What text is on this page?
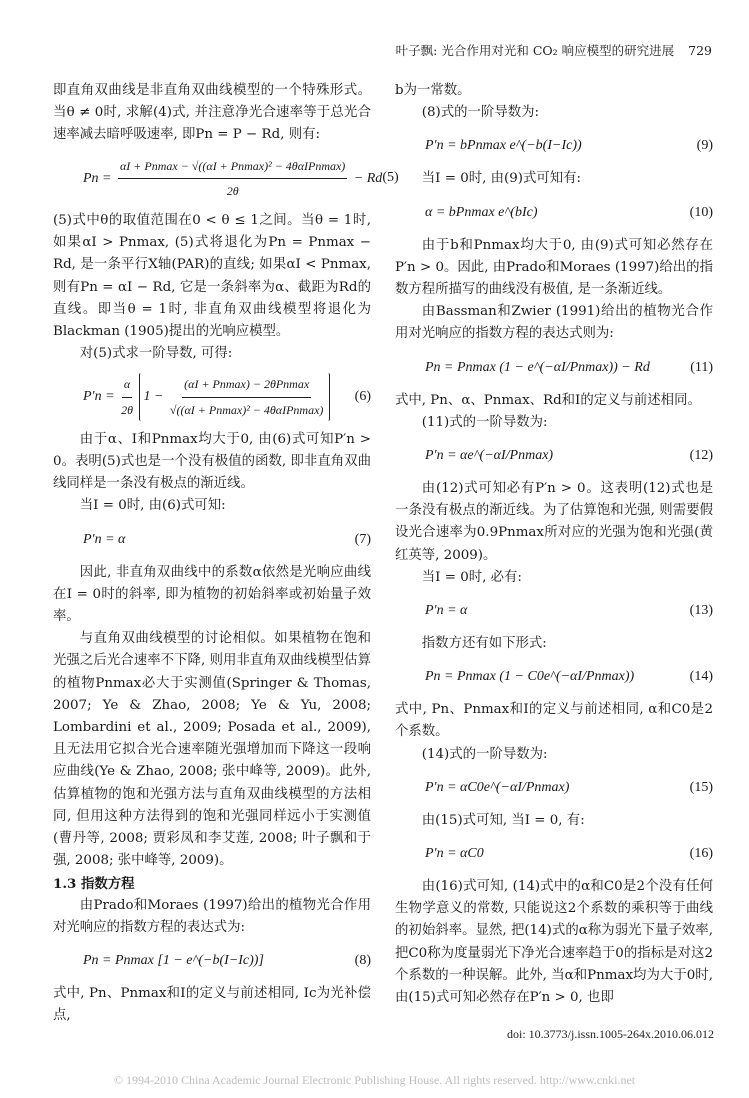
叶子飘: 光合作用对光和 CO₂ 响应模型的研究进展 729

即直角双曲线是非直角双曲线模型的一个特殊形式。当θ ≠ 0时, 求解(4)式, 并注意净光合速率等于总光合速率减去暗呼吸速率, 即Pn = P − Rd, 则有:

$Pn = \frac{\text{αI + Pnmax − √((αI + Pnmax)² − 4θαIPnmax)}}{2\theta} - Rd$ (5)

(5)式中θ的取值范围在0 < θ ≤ 1之间。当θ = 1时, 如果αI > Pnmax, (5)式将退化为Pn = Pnmax − Rd, 是一条平行X轴(PAR)的直线; 如果αI < Pnmax, 则有Pn = αI − Rd, 它是一条斜率为α、截距为Rd的直线。即当θ = 1时, 非直角双曲线模型将退化为Blackman (1905)提出的光响应模型。

对(5)式求一阶导数, 可得:

$P'n = \frac{\alpha}{2\theta} 1 - \frac{\text{(αI + Pnmax) − 2θPnmax}}{\text{√((αI + Pnmax)² − 4θαIPnmax)}} (6)$

由于α、I和Pnmax均大于0, 由(6)式可知P′n > 0。表明(5)式也是一个没有极值的函数, 即非直角双曲线同样是一条没有极点的渐近线。

当I = 0时, 由(6)式可知:

P′n = α	(7)

因此, 非直角双曲线中的系数α依然是光响应曲线在I = 0时的斜率, 即为植物的初始斜率或初始量子效率。

与直角双曲线模型的讨论相似。如果植物在饱和光强之后光合速率不下降, 则用非直角双曲线模型估算的植物Pnmax必大于实测值(Springer & Thomas, 2007; Ye & Zhao, 2008; Ye & Yu, 2008; Lombardini et al., 2009; Posada et al., 2009), 且无法用它拟合光合速率随光强增加而下降这一段响应曲线(Ye & Zhao, 2008; 张中峰等, 2009)。此外, 估算植物的饱和光强方法与直角双曲线模型的方法相同, 但用这种方法得到的饱和光强同样远小于实测值(曹丹等, 2008; 贾彩凤和李艾莲, 2008; 叶子飘和于强, 2008; 张中峰等, 2009)。

1.3 指数方程

由Prado和Moraes (1997)给出的植物光合作用对光响应的指数方程的表达式为:

Pn = Pnmax [1 − e^(−b(I−Ic))]	(8)

式中, Pn、Pnmax和I的定义与前述相同, Ic为光补偿点,

b为一常数。

(8)式的一阶导数为:

P′n = bPnmax e^(−b(I−Ic))	(9)

当I = 0时, 由(9)式可知有:

α = bPnmax e^(bIc)	(10)

由于b和Pnmax均大于0, 由(9)式可知必然存在P′n > 0。因此, 由Prado和Moraes (1997)给出的指数方程所描写的曲线没有极值, 是一条渐近线。

由Bassman和Zwier (1991)给出的植物光合作用对光响应的指数方程的表达式则为:

Pn = Pnmax (1 − e^(−αI/Pnmax)) − Rd	(11)

式中, Pn、α、Pnmax、Rd和I的定义与前述相同。

(11)式的一阶导数为:

P′n = αe^(−αI/Pnmax)	(12)

由(12)式可知必有P′n > 0。这表明(12)式也是一条没有极点的渐近线。为了估算饱和光强, 则需要假设光合速率为0.9Pnmax所对应的光强为饱和光强(黄红英等, 2009)。

当I = 0时, 必有:

P′n = α	(13)

指数方还有如下形式:

Pn = Pnmax (1 − C0e^(−αI/Pnmax))	(14)

式中, Pn、Pnmax和I的定义与前述相同, α和C0是2个系数。

(14)式的一阶导数为:

P′n = αC0e^(−αI/Pnmax)	(15)

由(15)式可知, 当I = 0, 有:

P′n = αC0	(16)

由(16)式可知, (14)式中的α和C0是2个没有任何生物学意义的常数, 只能说这2个系数的乘积等于曲线的初始斜率。显然, 把(14)式的α称为弱光下量子效率, 把C0称为度量弱光下净光合速率趋于0的指标是对这2个系数的一种误解。此外, 当α和Pnmax均为大于0时, 由(15)式可知必然存在P′n > 0, 也即

doi: 10.3773/j.issn.1005-264x.2010.06.012
© 1994-2010 China Academic Journal Electronic Publishing House. All rights reserved. http://www.cnki.net
